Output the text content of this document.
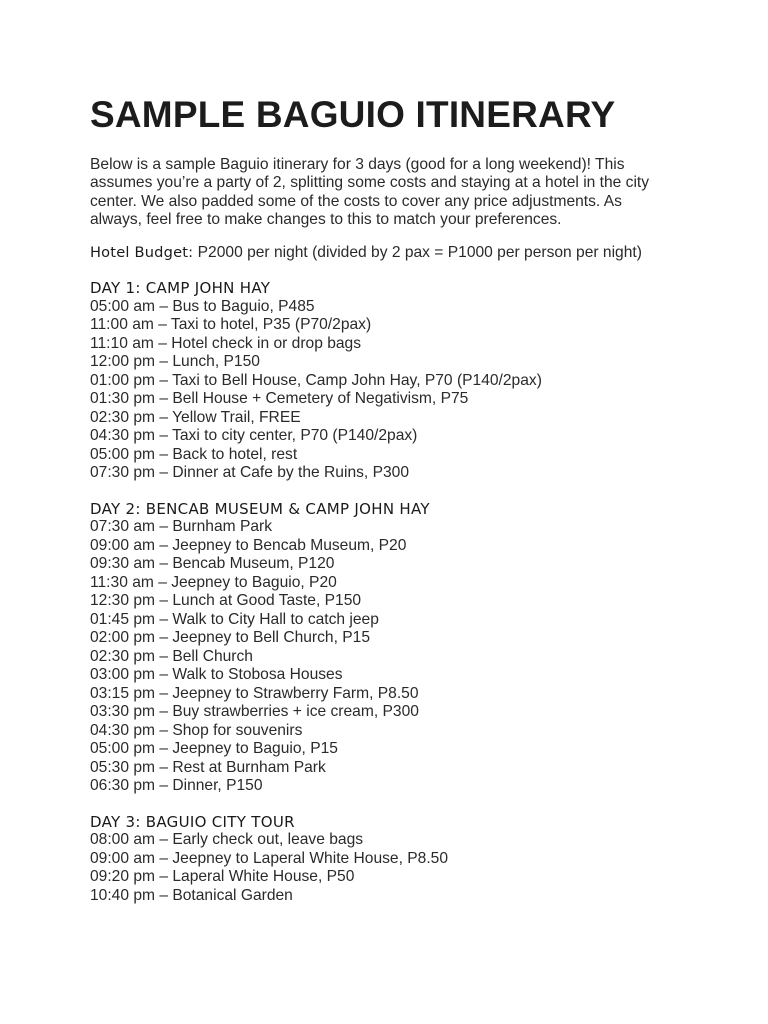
SAMPLE BAGUIO ITINERARY

Below is a sample Baguio itinerary for 3 days (good for a long weekend)! This
assumes you’re a party of 2, splitting some costs and staying at a hotel in the city
center. We also padded some of the costs to cover any price adjustments. As
always, feel free to make changes to this to match your preferences.

Hotel Budget: P2000 per night (divided by 2 pax = P1000 per person per night)

DAY 1: CAMP JOHN HAY
05:00 am – Bus to Baguio, P485
11:00 am – Taxi to hotel, P35 (P70/2pax)
11:10 am – Hotel check in or drop bags
12:00 pm – Lunch, P150
01:00 pm – Taxi to Bell House, Camp John Hay, P70 (P140/2pax)
01:30 pm – Bell House + Cemetery of Negativism, P75
02:30 pm – Yellow Trail, FREE
04:30 pm – Taxi to city center, P70 (P140/2pax)
05:00 pm – Back to hotel, rest
07:30 pm – Dinner at Cafe by the Ruins, P300
DAY 2: BENCAB MUSEUM & CAMP JOHN HAY
07:30 am – Burnham Park
09:00 am – Jeepney to Bencab Museum, P20
09:30 am – Bencab Museum, P120
11:30 am – Jeepney to Baguio, P20
12:30 pm – Lunch at Good Taste, P150
01:45 pm – Walk to City Hall to catch jeep
02:00 pm – Jeepney to Bell Church, P15
02:30 pm – Bell Church
03:00 pm – Walk to Stobosa Houses
03:15 pm – Jeepney to Strawberry Farm, P8.50
03:30 pm – Buy strawberries + ice cream, P300
04:30 pm – Shop for souvenirs
05:00 pm – Jeepney to Baguio, P15
05:30 pm – Rest at Burnham Park
06:30 pm – Dinner, P150
DAY 3: BAGUIO CITY TOUR
08:00 am – Early check out, leave bags
09:00 am – Jeepney to Laperal White House, P8.50
09:20 pm – Laperal White House, P50
10:40 pm – Botanical Garden
